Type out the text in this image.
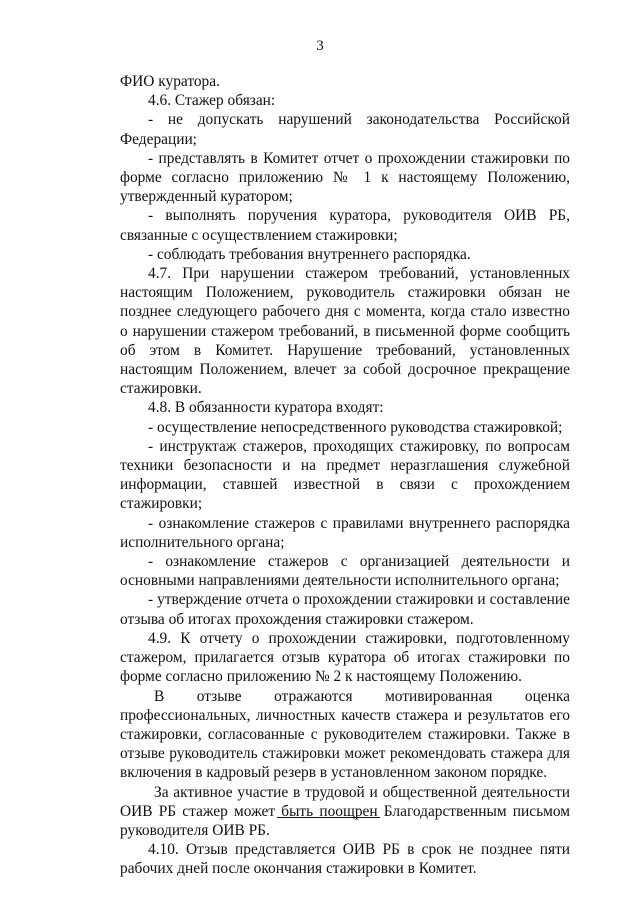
3

ФИО куратора.

4.6. Стажер обязан:

- не допускать нарушений законодательства Российской Федерации;

- представлять в Комитет отчет о прохождении стажировки по форме согласно приложению № 1 к настоящему Положению, утвержденный куратором;

- выполнять поручения куратора, руководителя ОИВ РБ, связанные с осуществлением стажировки;

- соблюдать требования внутреннего распорядка.

4.7. При нарушении стажером требований, установленных настоящим Положением, руководитель стажировки обязан не позднее следующего рабочего дня с момента, когда стало известно о нарушении стажером требований, в письменной форме сообщить об этом в Комитет. Нарушение требований, установленных настоящим Положением, влечет за собой досрочное прекращение стажировки.

4.8. В обязанности куратора входят:

- осуществление непосредственного руководства стажировкой;

- инструктаж стажеров, проходящих стажировку, по вопросам техники безопасности и на предмет неразглашения служебной информации, ставшей известной в связи с прохождением стажировки;

- ознакомление стажеров с правилами внутреннего распорядка исполнительного органа;

- ознакомление стажеров с организацией деятельности и основными направлениями деятельности исполнительного органа;

- утверждение отчета о прохождении стажировки и составление отзыва об итогах прохождения стажировки стажером.

4.9. К отчету о прохождении стажировки, подготовленному стажером, прилагается отзыв куратора об итогах стажировки по форме согласно приложению № 2 к настоящему Положению.

В отзыве отражаются мотивированная оценка профессиональных, личностных качеств стажера и результатов его стажировки, согласованные с руководителем стажировки. Также в отзыве руководитель стажировки может рекомендовать стажера для включения в кадровый резерв в установленном законом порядке.

За активное участие в трудовой и общественной деятельности ОИВ РБ стажер может быть поощрен Благодарственным письмом руководителя ОИВ РБ.

4.10. Отзыв представляется ОИВ РБ в срок не позднее пяти рабочих дней после окончания стажировки в Комитет.
